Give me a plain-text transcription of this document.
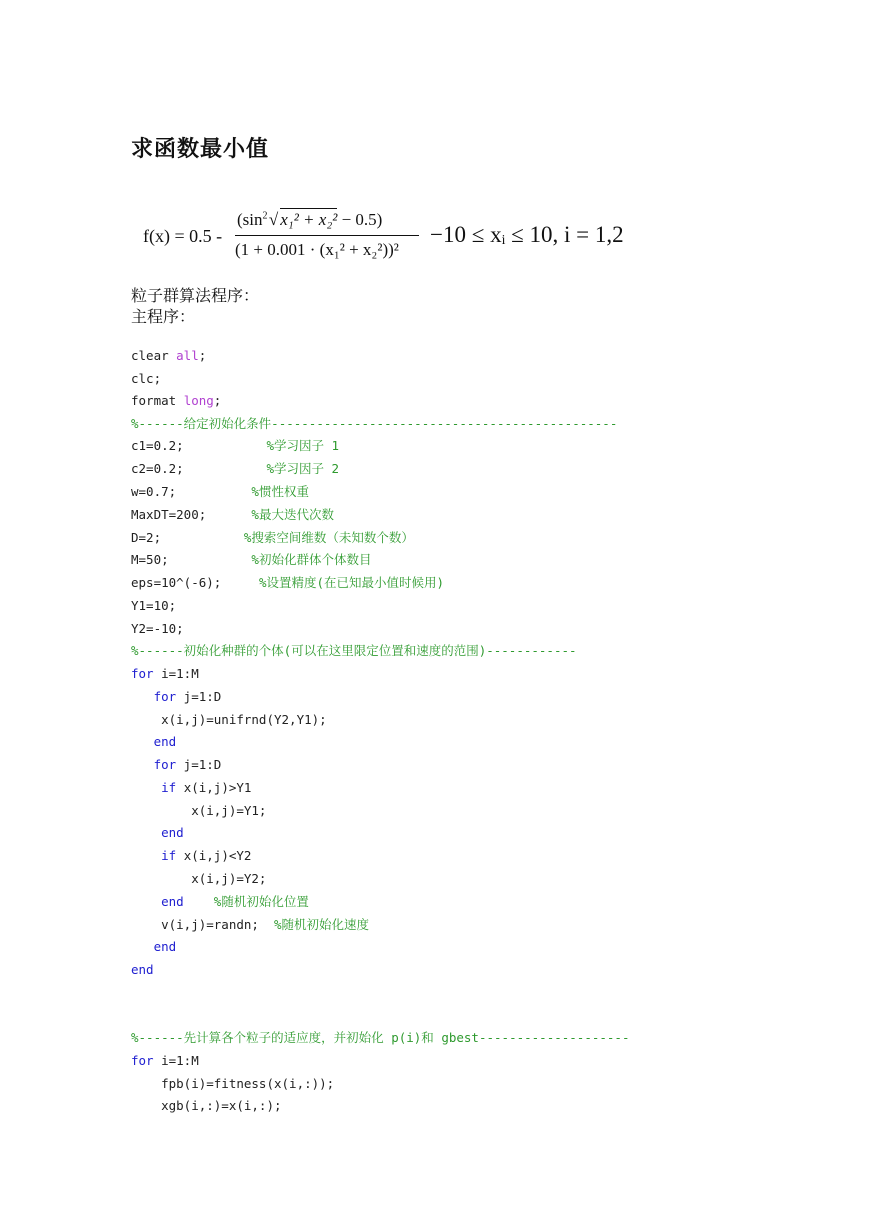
求函数最小值
f(x) = 0.5 -
($\sin^2$ √ x₁² + x₂² − 0.5)
(1 + 0.001 · (x₁² + x₂²))²
−10 ≤ xᵢ ≤ 10, i = 1,2
粒子群算法程序：
主程序：
clear all;
clc;
format long;
%------给定初始化条件----------------------------------------------
c1=0.2;           %学习因子 1
c2=0.2;           %学习因子 2
w=0.7;          %惯性权重
MaxDT=200;      %最大迭代次数
D=2;           %搜索空间维数（未知数个数）
M=50;           %初始化群体个体数目
eps=10^(-6);     %设置精度(在已知最小值时候用)
Y1=10;
Y2=-10;
%------初始化种群的个体(可以在这里限定位置和速度的范围)------------
for i=1:M
for j=1:D
x(i,j)=unifrnd(Y2,Y1);
end
for j=1:D
if x(i,j)>Y1
x(i,j)=Y1;
end
if x(i,j)<Y2
x(i,j)=Y2;
end %随机初始化位置
v(i,j)=randn;  %随机初始化速度
end
end
%------先计算各个粒子的适应度，并初始化 p(i)和 gbest--------------------
for i=1:M
fpb(i)=fitness(x(i,:));
xgb(i,:)=x(i,:);
